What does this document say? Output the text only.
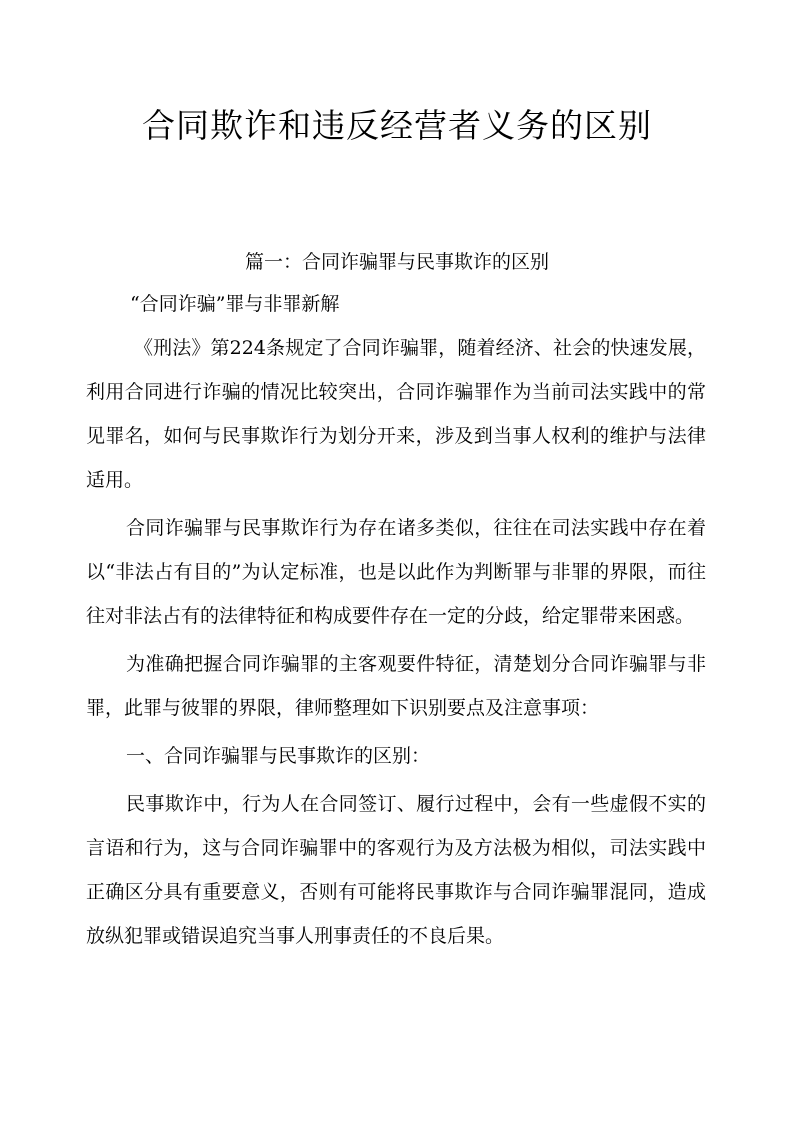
合同欺诈和违反经营者义务的区别

篇一：合同诈骗罪与民事欺诈的区别

“合同诈骗”罪与非罪新解

《刑法》第224条规定了合同诈骗罪，随着经济、社会的快速发展，利用合同进行诈骗的情况比较突出，合同诈骗罪作为当前司法实践中的常见罪名，如何与民事欺诈行为划分开来，涉及到当事人权利的维护与法律适用。

合同诈骗罪与民事欺诈行为存在诸多类似，往往在司法实践中存在着以“非法占有目的”为认定标准，也是以此作为判断罪与非罪的界限，而往往对非法占有的法律特征和构成要件存在一定的分歧，给定罪带来困惑。

为准确把握合同诈骗罪的主客观要件特征，清楚划分合同诈骗罪与非罪，此罪与彼罪的界限，律师整理如下识别要点及注意事项：

一、合同诈骗罪与民事欺诈的区别：

民事欺诈中，行为人在合同签订、履行过程中，会有一些虚假不实的言语和行为，这与合同诈骗罪中的客观行为及方法极为相似，司法实践中正确区分具有重要意义，否则有可能将民事欺诈与合同诈骗罪混同，造成放纵犯罪或错误追究当事人刑事责任的不良后果。
